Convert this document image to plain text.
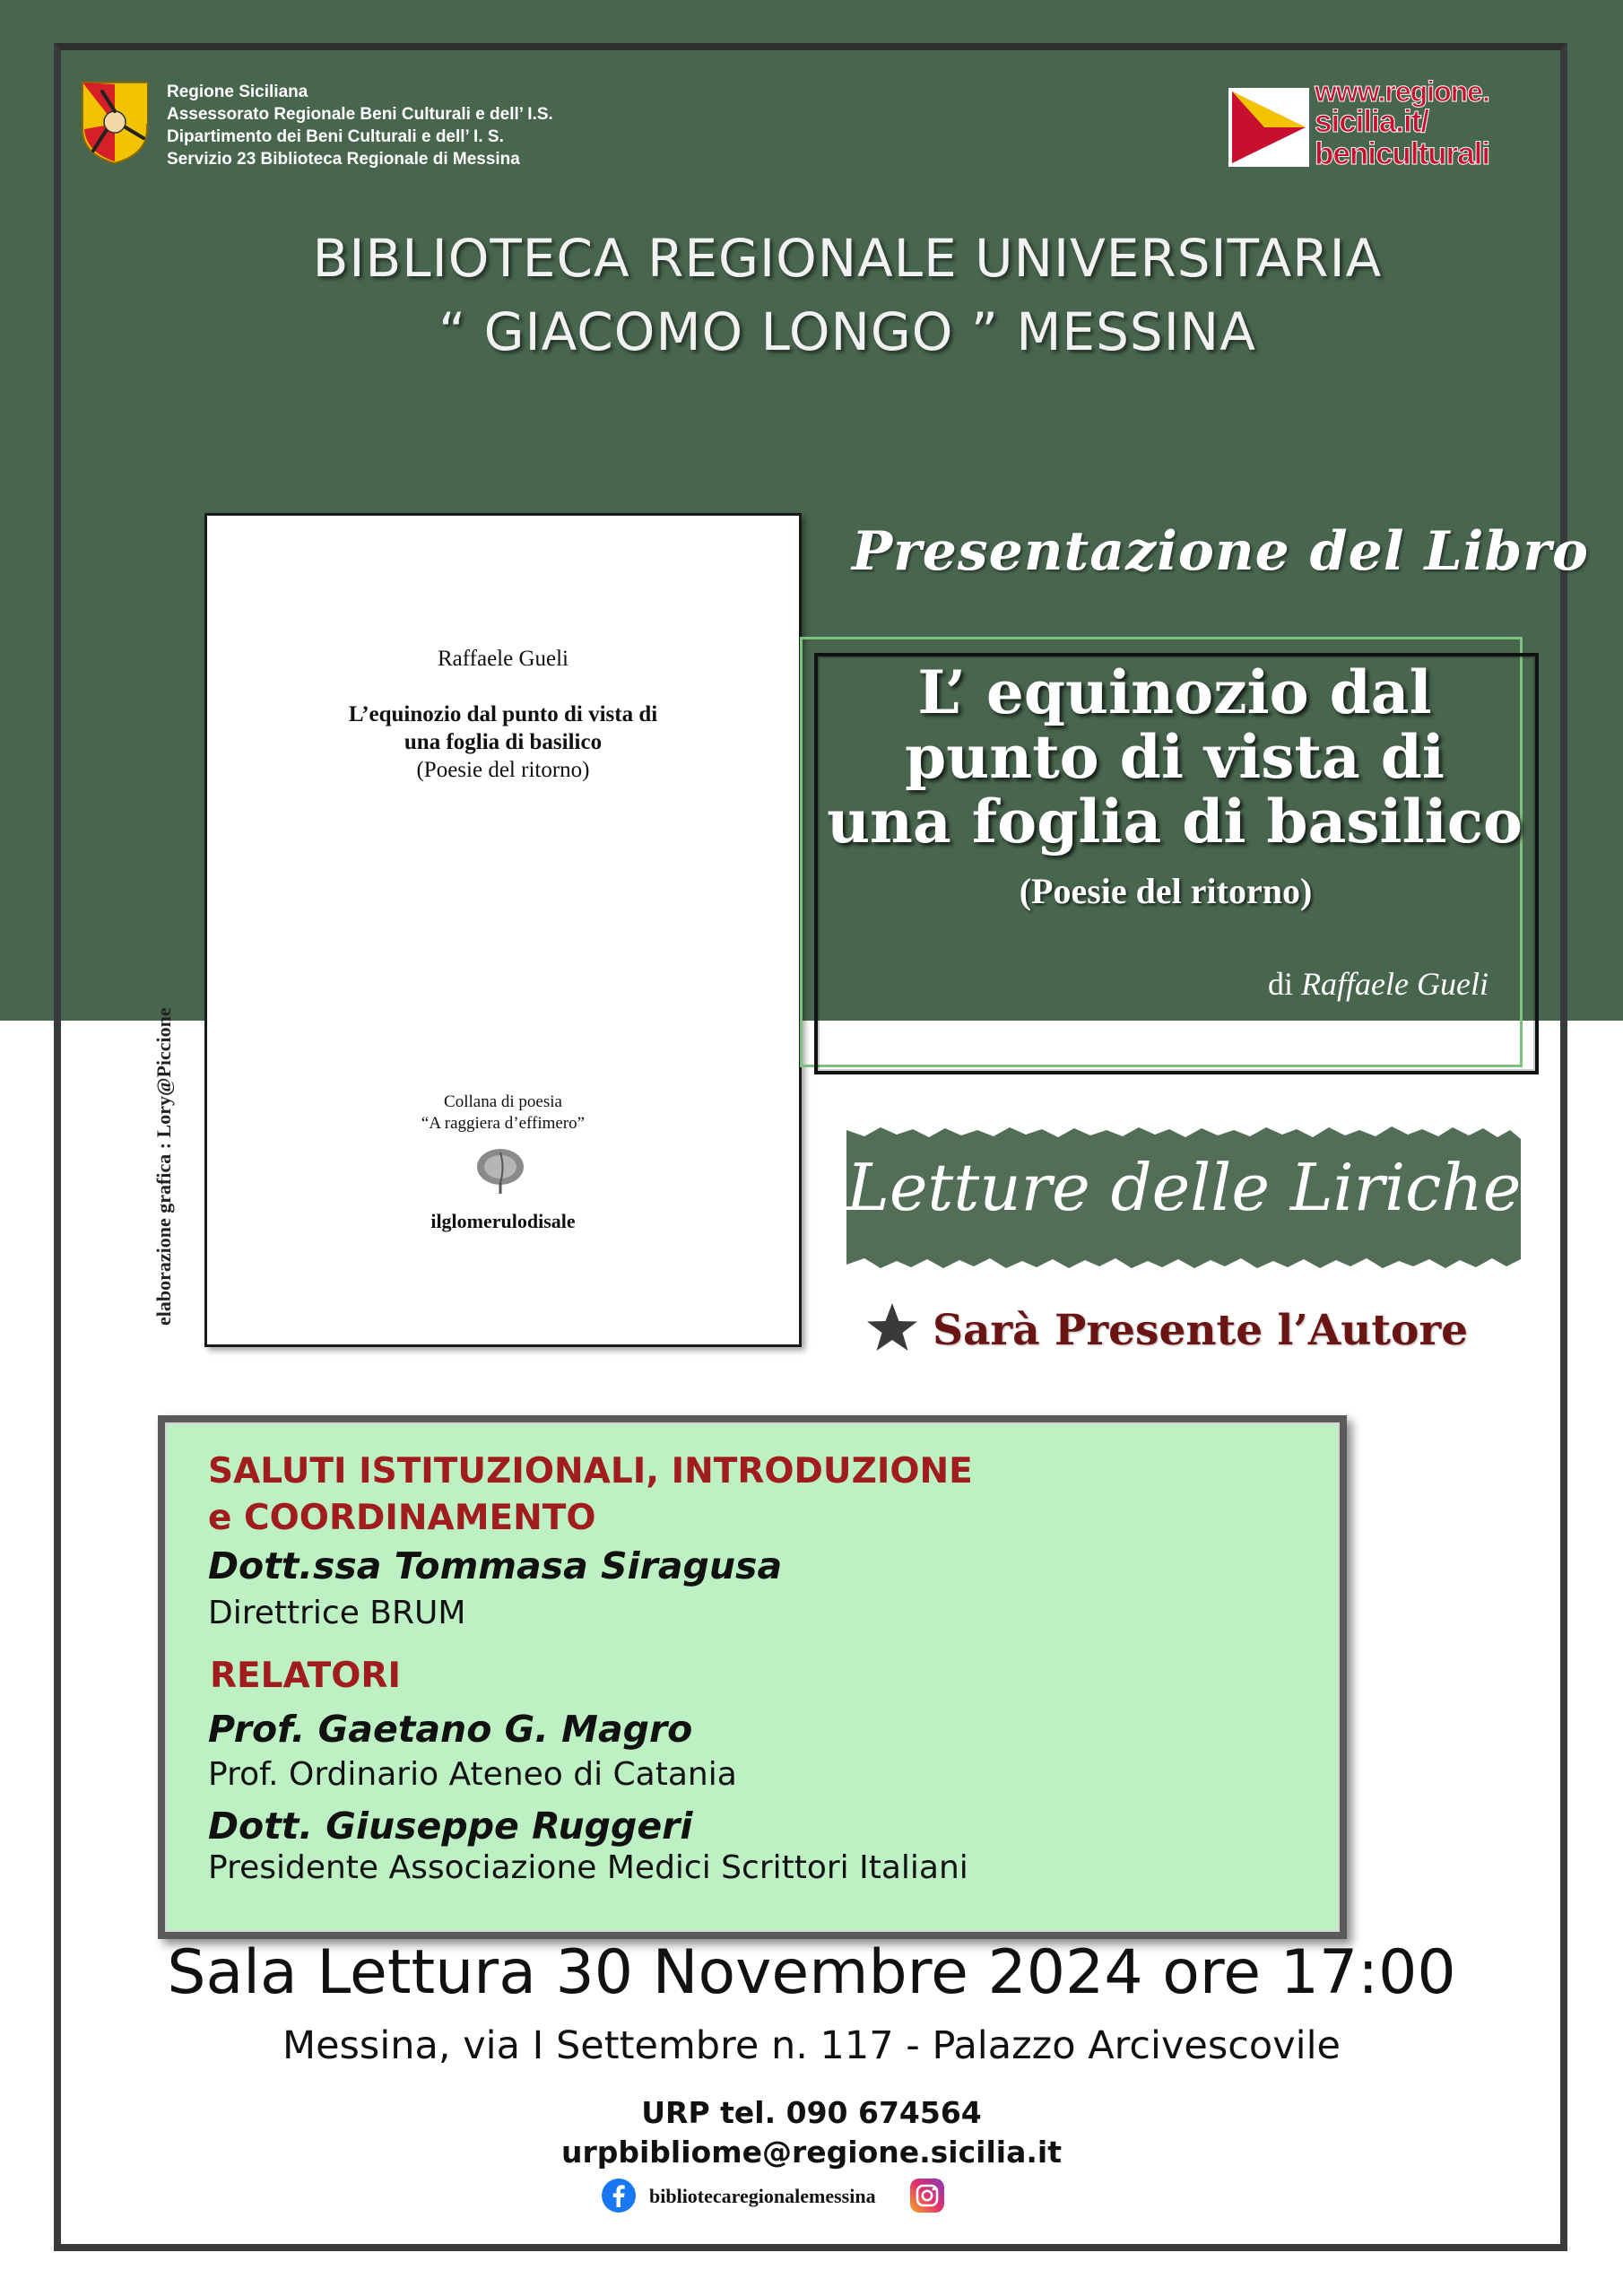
Regione Siciliana
Assessorato Regionale Beni Culturali e dell’ I.S.
Dipartimento dei Beni Culturali e dell’ I. S.
Servizio 23 Biblioteca Regionale di Messina
www.regione.
sicilia.it/
beniculturali
BIBLIOTECA REGIONALE UNIVERSITARIA
“ GIACOMO LONGO ” MESSINA
Raffaele Gueli
L’equinozio dal punto di vista di
una foglia di basilico
(Poesie del ritorno)
Collana di poesia
“A raggiera d’effimero”
ilglomerulodisale
elaborazione grafica : Lory@Piccione
Presentazione del Libro
L’ equinozio dal
punto di vista di
una foglia di basilico
(Poesie del ritorno)
di Raffaele Gueli
Letture delle Liriche
Sarà Presente l’Autore
SALUTI ISTITUZIONALI, INTRODUZIONE
e COORDINAMENTO
Dott.ssa Tommasa Siragusa
Direttrice BRUM
RELATORI
Prof. Gaetano G. Magro
Prof. Ordinario Ateneo di Catania
Dott. Giuseppe Ruggeri
Presidente Associazione Medici Scrittori Italiani
Sala Lettura 30 Novembre 2024 ore 17:00
Messina, via I Settembre n. 117 - Palazzo Arcivescovile
URP tel. 090 674564
urpbibliome@regione.sicilia.it
bibliotecaregionalemessina
